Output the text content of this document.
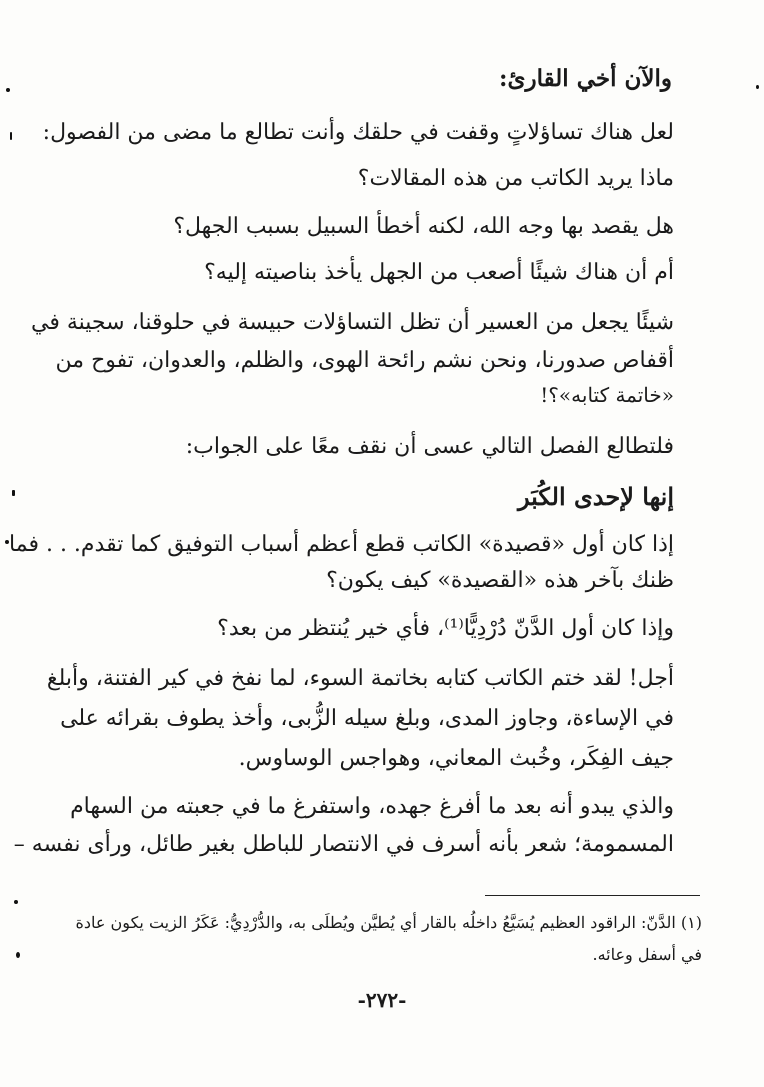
والآن أخي القارئ:
لعل هناك تساؤلاتٍ وقفت في حلقك وأنت تطالع ما مضى من الفصول:
ماذا يريد الكاتب من هذه المقالات؟
هل يقصد بها وجه الله، لكنه أخطأ السبيل بسبب الجهل؟
أم أن هناك شيئًا أصعب من الجهل يأخذ بناصيته إليه؟
شيئًا يجعل من العسير أن تظل التساؤلات حبيسة في حلوقنا، سجينة في
أقفاص صدورنا، ونحن نشم رائحة الهوى، والظلم، والعدوان، تفوح من
«خاتمة كتابه»؟!
فلتطالع الفصل التالي عسى أن نقف معًا على الجواب:
إنها لإحدى الكُبَر
إذا كان أول «قصيدة» الكاتب قطع أعظم أسباب التوفيق كما تقدم. . . فما
ظنك بآخر هذه «القصيدة» كيف يكون؟
وإذا كان أول الدَّنّ دُرْدِيًّا⁽¹⁾، فأي خير يُنتظر من بعد؟
أجل! لقد ختم الكاتب كتابه بخاتمة السوء، لما نفخ في كير الفتنة، وأبلغ
في الإساءة، وجاوز المدى، وبلغ سيله الزُّبى، وأخذ يطوف بقرائه على
جيف الفِكَر، وخُبث المعاني، وهواجس الوساوس.
والذي يبدو أنه بعد ما أفرغ جهده، واستفرغ ما في جعبته من السهام
المسمومة؛ شعر بأنه أسرف في الانتصار للباطل بغير طائل، ورأى نفسه –
(١) الدَّنّ: الراقود العظيم يُسَيَّعُ داخلُه بالقار أي يُطيَّن ويُطلَى به، والدُّرْدِيُّ: عَكَرُ الزيت يكون عادة
في أسفل وعائه.
-٢٧٢-
